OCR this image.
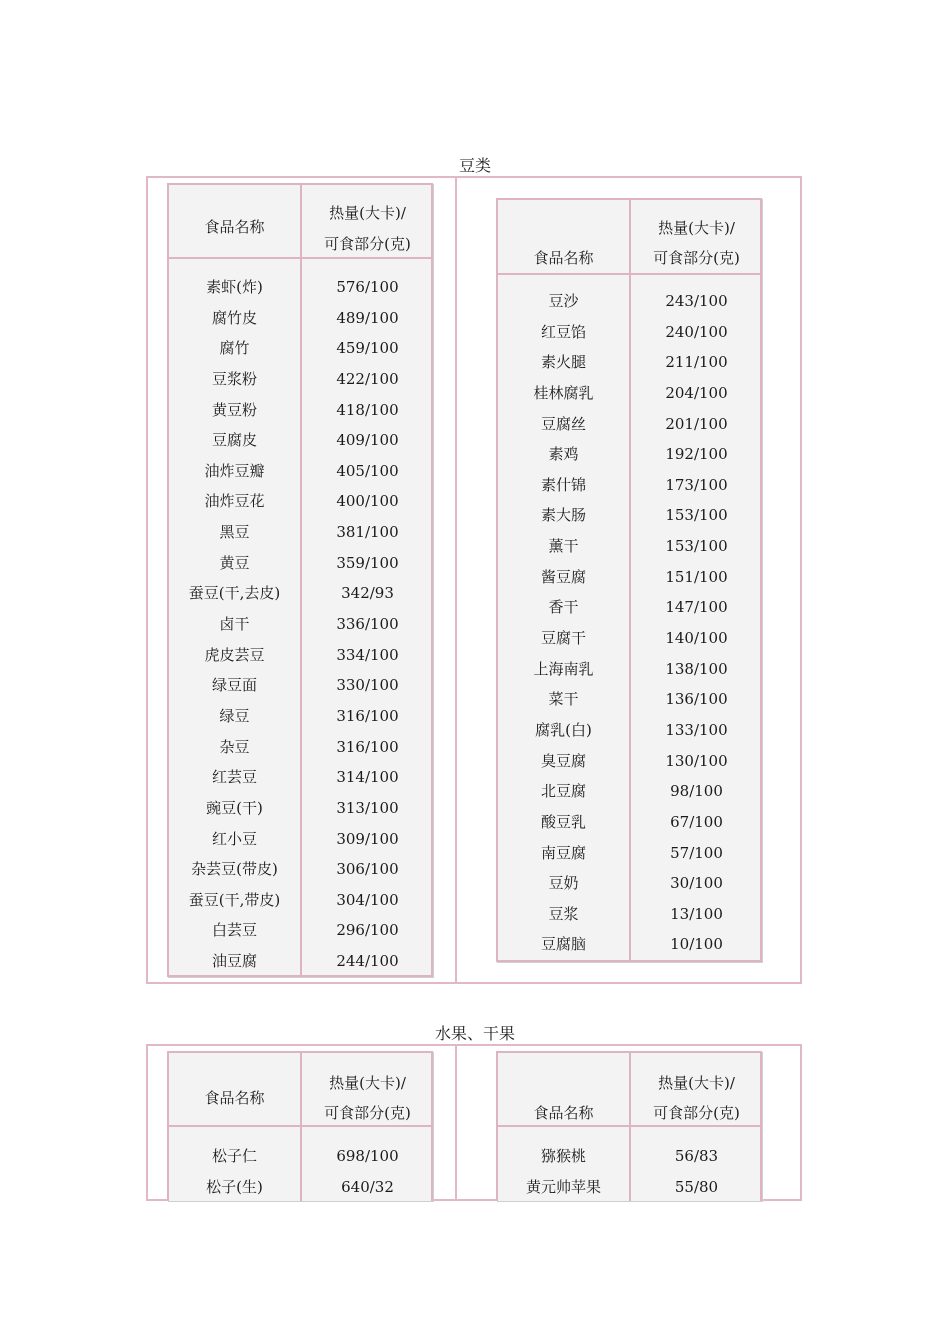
豆类
食品名称
热量(大卡)/
可食部分(克)
素虾(炸)	576/100
腐竹皮	489/100
腐竹	459/100
豆浆粉	422/100
黄豆粉	418/100
豆腐皮	409/100
油炸豆瓣	405/100
油炸豆花	400/100
黑豆	381/100
黄豆	359/100
蚕豆(干,去皮)	342/93
卤干	336/100
虎皮芸豆	334/100
绿豆面	330/100
绿豆	316/100
杂豆	316/100
红芸豆	314/100
豌豆(干)	313/100
红小豆	309/100
杂芸豆(带皮)	306/100
蚕豆(干,带皮)	304/100
白芸豆	296/100
油豆腐	244/100
食品名称
热量(大卡)/
可食部分(克)
豆沙	243/100
红豆馅	240/100
素火腿	211/100
桂林腐乳	204/100
豆腐丝	201/100
素鸡	192/100
素什锦	173/100
素大肠	153/100
薰干	153/100
酱豆腐	151/100
香干	147/100
豆腐干	140/100
上海南乳	138/100
菜干	136/100
腐乳(白)	133/100
臭豆腐	130/100
北豆腐	98/100
酸豆乳	67/100
南豆腐	57/100
豆奶	30/100
豆浆	13/100
豆腐脑	10/100
水果、干果
食品名称
热量(大卡)/
可食部分(克)
松子仁	698/100
松子(生)	640/32
食品名称
热量(大卡)/
可食部分(克)
猕猴桃	56/83
黄元帅苹果	55/80
